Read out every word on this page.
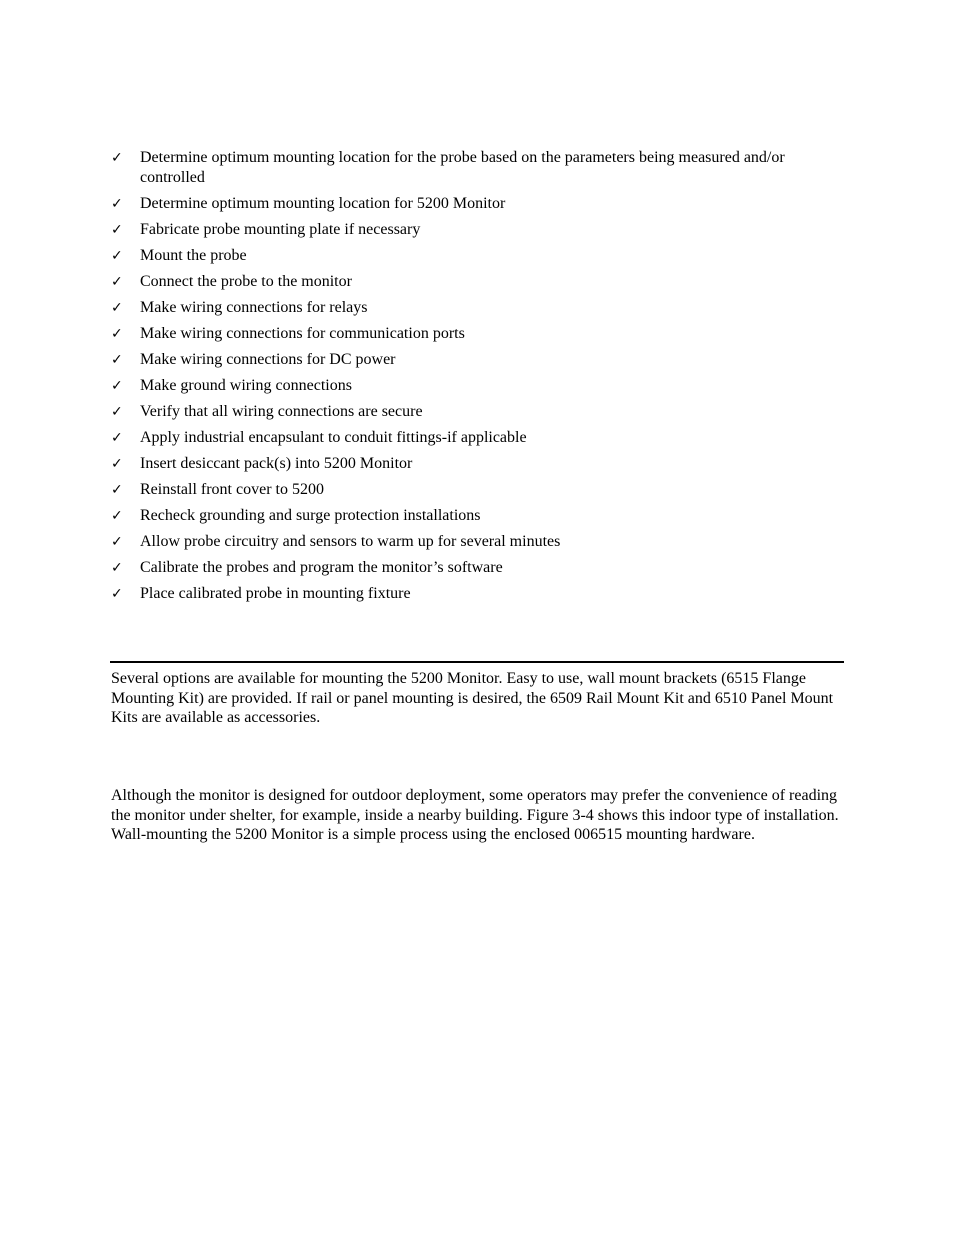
✓ Determine optimum mounting location for the probe based on the parameters being measured and/or controlled
✓ Determine optimum mounting location for 5200 Monitor
✓ Fabricate probe mounting plate if necessary
✓ Mount the probe
✓ Connect the probe to the monitor
✓ Make wiring connections for relays
✓ Make wiring connections for communication ports
✓ Make wiring connections for DC power
✓ Make ground wiring connections
✓ Verify that all wiring connections are secure
✓ Apply industrial encapsulant to conduit fittings-if applicable
✓ Insert desiccant pack(s) into 5200 Monitor
✓ Reinstall front cover to 5200
✓ Recheck grounding and surge protection installations
✓ Allow probe circuitry and sensors to warm up for several minutes
✓ Calibrate the probes and program the monitor’s software
✓ Place calibrated probe in mounting fixture

Several options are available for mounting the 5200 Monitor. Easy to use, wall mount brackets (6515 Flange Mounting Kit) are provided. If rail or panel mounting is desired, the 6509 Rail Mount Kit and 6510 Panel Mount Kits are available as accessories.

Although the monitor is designed for outdoor deployment, some operators may prefer the convenience of reading the monitor under shelter, for example, inside a nearby building. Figure 3-4 shows this indoor type of installation. Wall-mounting the 5200 Monitor is a simple process using the enclosed 006515 mounting hardware.
